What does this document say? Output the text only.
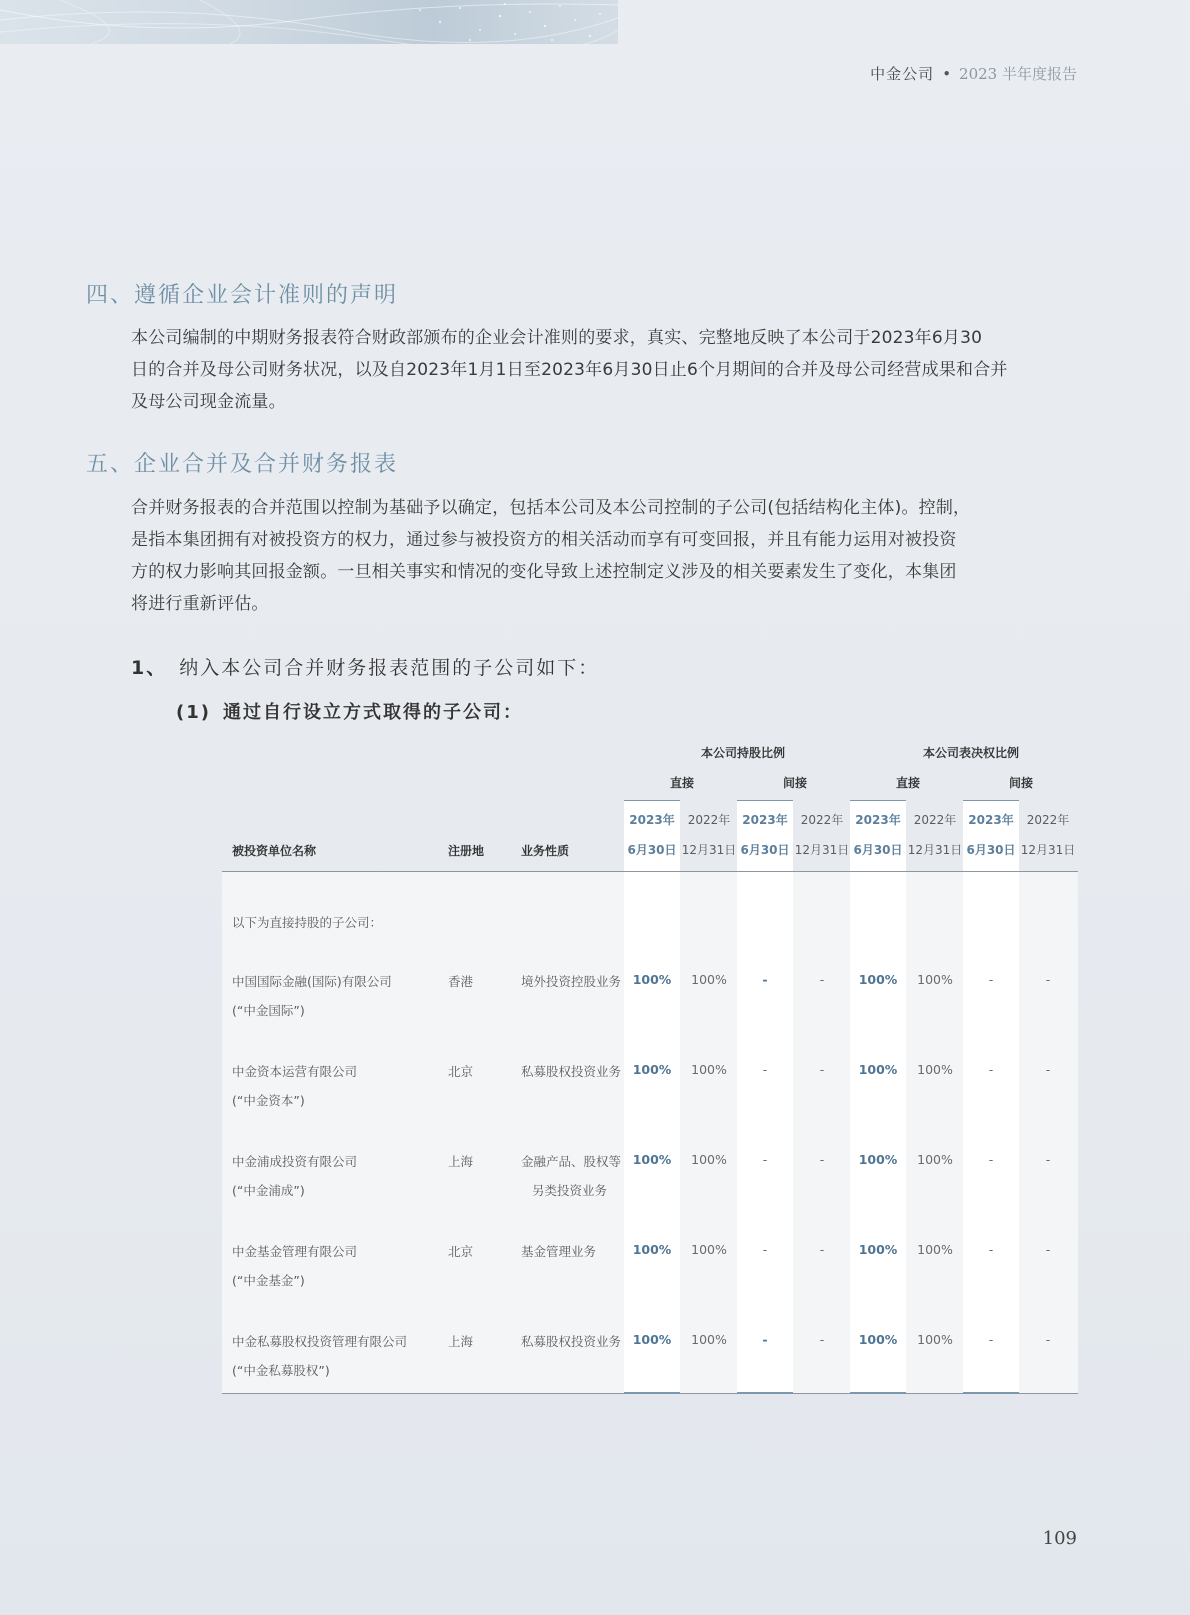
中金公司 • 2023 半年度报告
四、遵循企业会计准则的声明
本公司编制的中期财务报表符合财政部颁布的企业会计准则的要求，真实、完整地反映了本公司于2023年6月30
日的合并及母公司财务状况，以及自2023年1月1日至2023年6月30日止6个月期间的合并及母公司经营成果和合并
及母公司现金流量。
五、企业合并及合并财务报表
合并财务报表的合并范围以控制为基础予以确定，包括本公司及本公司控制的子公司(包括结构化主体)。控制，
是指本集团拥有对被投资方的权力，通过参与被投资方的相关活动而享有可变回报，并且有能力运用对被投资
方的权力影响其回报金额。一旦相关事实和情况的变化导致上述控制定义涉及的相关要素发生了变化，本集团
将进行重新评估。
1、 纳入本公司合并财务报表范围的子公司如下：
(1) 通过自行设立方式取得的子公司：
本公司持股比例	本公司表决权比例
直接	间接	直接	间接
2023年	2022年	2023年	2022年	2023年	2022年	2023年	2022年
6月30日 12月31日 6月30日 12月31日 6月30日 12月31日 6月30日 12月31日
被投资单位名称	注册地	业务性质
以下为直接持股的子公司：
中国国际金融(国际)有限公司
(“中金国际”)
香港	境外投资控股业务 100%	100%	-	-	100%	100%	-	-
中金资本运营有限公司
(“中金资本”)
北京	私募股权投资业务 100%	100%	-	-	100%	100%	-	-
中金浦成投资有限公司
(“中金浦成”)
上海	金融产品、股权等
另类投资业务
100%	100%	-	-	100%	100%	-	-
中金基金管理有限公司
(“中金基金”)
北京	基金管理业务	100%	100%	-	-	100%	100%	-	-
中金私募股权投资管理有限公司
(“中金私募股权”)
上海	私募股权投资业务 100%	100%	-	-	100%	100%	-	-
109
